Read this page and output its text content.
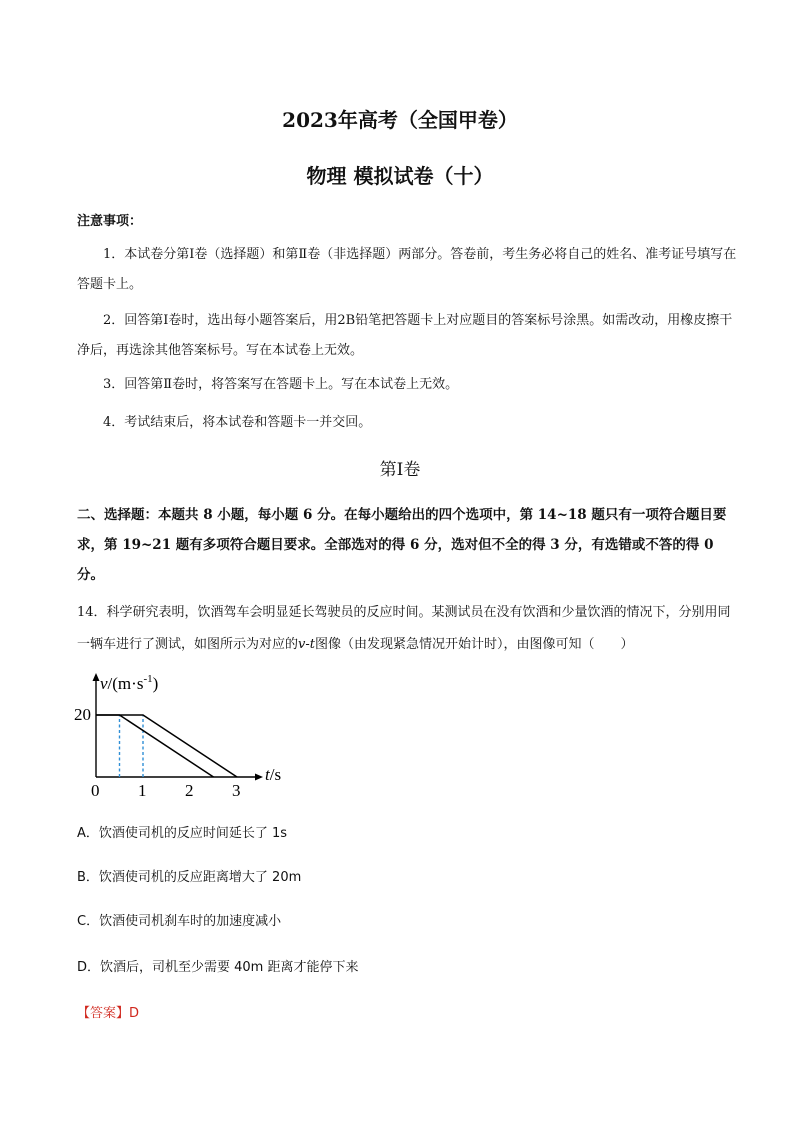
2023年高考（全国甲卷）
物理 模拟试卷（十）
注意事项：
1．本试卷分第Ⅰ卷（选择题）和第Ⅱ卷（非选择题）两部分。答卷前，考生务必将自己的姓名、准考证号填写在答题卡上。
2．回答第Ⅰ卷时，选出每小题答案后，用2B铅笔把答题卡上对应题目的答案标号涂黑。如需改动，用橡皮擦干净后，再选涂其他答案标号。写在本试卷上无效。
3．回答第Ⅱ卷时，将答案写在答题卡上。写在本试卷上无效。
4．考试结束后，将本试卷和答题卡一并交回。
第Ⅰ卷
二、选择题：本题共 8 小题，每小题 6 分。在每小题给出的四个选项中，第 14~18 题只有一项符合题目要求，第 19~21 题有多项符合题目要求。全部选对的得 6 分，选对但不全的得 3 分，有选错或不答的得 0 分。
14．科学研究表明，饮酒驾车会明显延长驾驶员的反应时间。某测试员在没有饮酒和少量饮酒的情况下，分别用同一辆车进行了测试，如图所示为对应的v-t图像（由发现紧急情况开始计时），由图像可知（　　）
$v/(m\cdot s^{-1})$
t/s
20
0 1 2 3
A．饮酒使司机的反应时间延长了 1s
B．饮酒使司机的反应距离增大了 20m
C．饮酒使司机刹车时的加速度减小
D．饮酒后，司机至少需要 40m 距离才能停下来
【答案】D
